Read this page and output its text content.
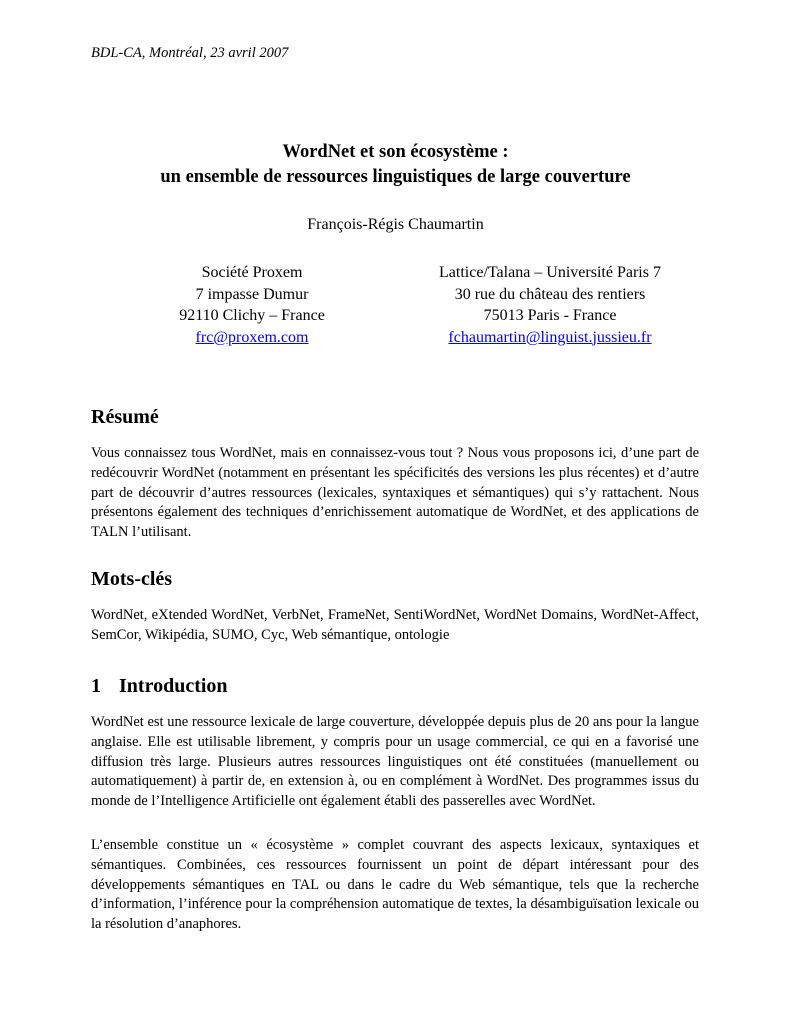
BDL-CA, Montréal, 23 avril 2007
WordNet et son écosystème :
un ensemble de ressources linguistiques de large couverture
François-Régis Chaumartin
Société Proxem
7 impasse Dumur
92110 Clichy – France
frc@proxem.com
Lattice/Talana – Université Paris 7
30 rue du château des rentiers
75013 Paris - France
fchaumartin@linguist.jussieu.fr
Résumé

Vous connaissez tous WordNet, mais en connaissez-vous tout ? Nous vous proposons ici, d’une part de redécouvrir WordNet (notamment en présentant les spécificités des versions les plus récentes) et d’autre part de découvrir d’autres ressources (lexicales, syntaxiques et sémantiques) qui s’y rattachent. Nous présentons également des techniques d’enrichissement automatique de WordNet, et des applications de TALN l’utilisant.

Mots-clés

WordNet, eXtended WordNet, VerbNet, FrameNet, SentiWordNet, WordNet Domains, WordNet-Affect, SemCor, Wikipédia, SUMO, Cyc, Web sémantique, ontologie

1 Introduction

WordNet est une ressource lexicale de large couverture, développée depuis plus de 20 ans pour la langue anglaise. Elle est utilisable librement, y compris pour un usage commercial, ce qui en a favorisé une diffusion très large. Plusieurs autres ressources linguistiques ont été constituées (manuellement ou automatiquement) à partir de, en extension à, ou en complément à WordNet. Des programmes issus du monde de l’Intelligence Artificielle ont également établi des passerelles avec WordNet.

L’ensemble constitue un « écosystème » complet couvrant des aspects lexicaux, syntaxiques et sémantiques. Combinées, ces ressources fournissent un point de départ intéressant pour des développements sémantiques en TAL ou dans le cadre du Web sémantique, tels que la recherche d’information, l’inférence pour la compréhension automatique de textes, la désambiguïsation lexicale ou la résolution d’anaphores.
